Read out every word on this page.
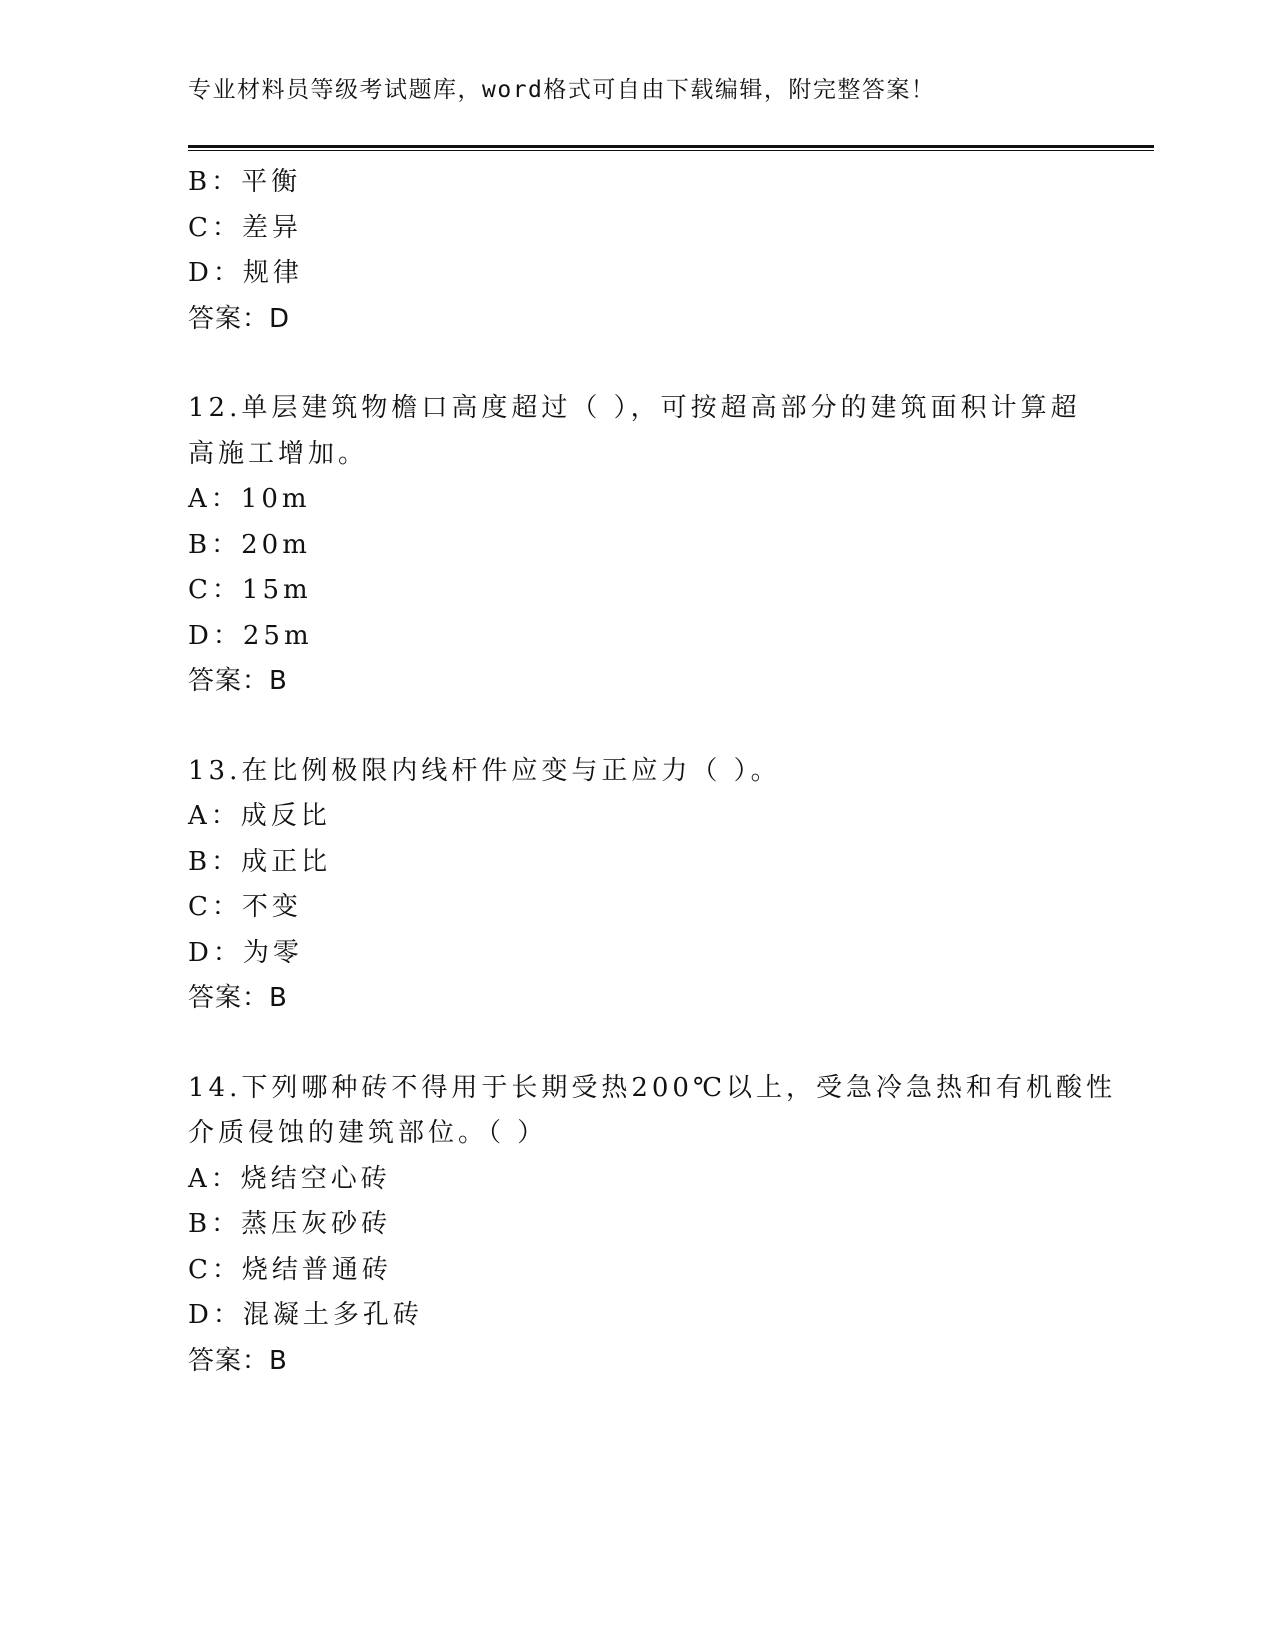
专业材料员等级考试题库，word格式可自由下载编辑，附完整答案！
B：平衡
C：差异
D：规律
答案：D
12.单层建筑物檐口高度超过（ ），可按超高部分的建筑面积计算超
高施工增加。
A：10m
B：20m
C：15m
D：25m
答案：B
13.在比例极限内线杆件应变与正应力（ ）。
A：成反比
B：成正比
C：不变
D：为零
答案：B
14.下列哪种砖不得用于长期受热200℃以上，受急冷急热和有机酸性
介质侵蚀的建筑部位。（ ）
A：烧结空心砖
B：蒸压灰砂砖
C：烧结普通砖
D：混凝土多孔砖
答案：B
